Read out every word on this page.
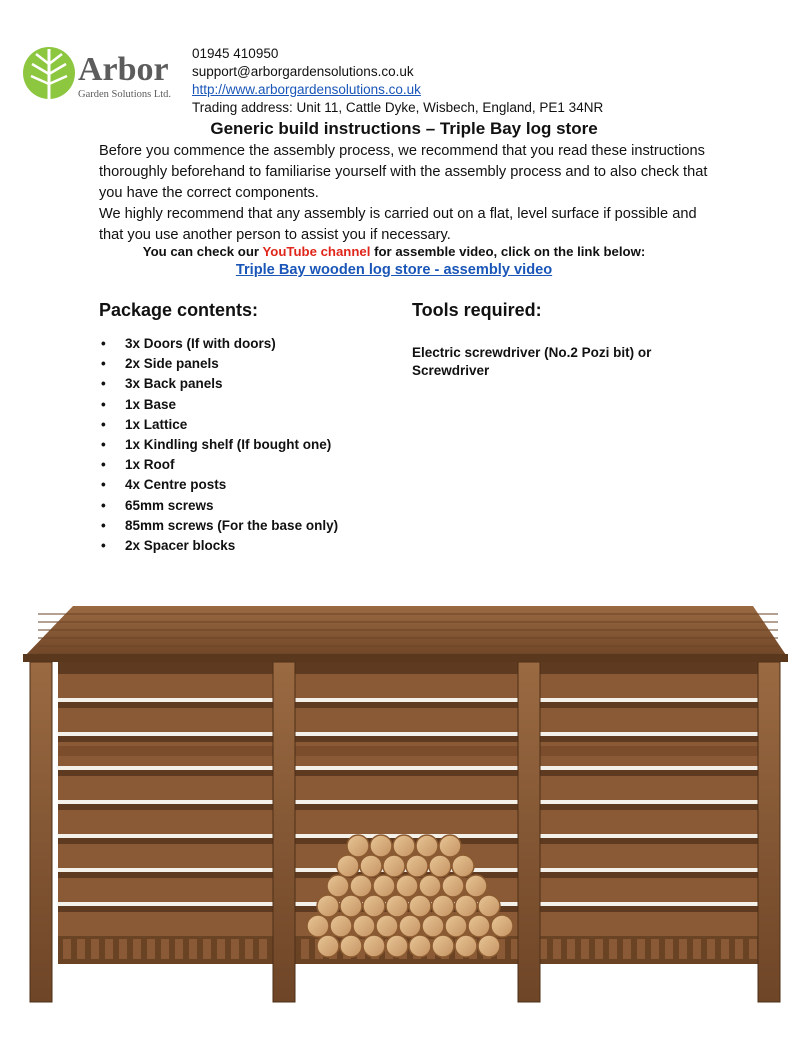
Arbor
Garden Solutions Ltd.
01945 410950
support@arborgardensolutions.co.uk
http://www.arborgardensolutions.co.uk
Trading address: Unit 11, Cattle Dyke, Wisbech, England, PE1 34NR
Generic build instructions – Triple Bay log store
Before you commence the assembly process, we recommend that you read these instructions thoroughly beforehand to familiarise yourself with the assembly process and to also check that you have the correct components.
We highly recommend that any assembly is carried out on a flat, level surface if possible and that you use another person to assist you if necessary.
You can check our YouTube channel for assemble video, click on the link below:
Triple Bay wooden log store - assembly video
Package contents:
• 3x Doors (If with doors)
• 2x Side panels
• 3x Back panels
• 1x Base
• 1x Lattice
• 1x Kindling shelf (If bought one)
• 1x Roof
• 4x Centre posts
• 65mm screws
• 85mm screws (For the base only)
• 2x Spacer blocks
Tools required:
Electric screwdriver (No.2 Pozi bit) or Screwdriver
